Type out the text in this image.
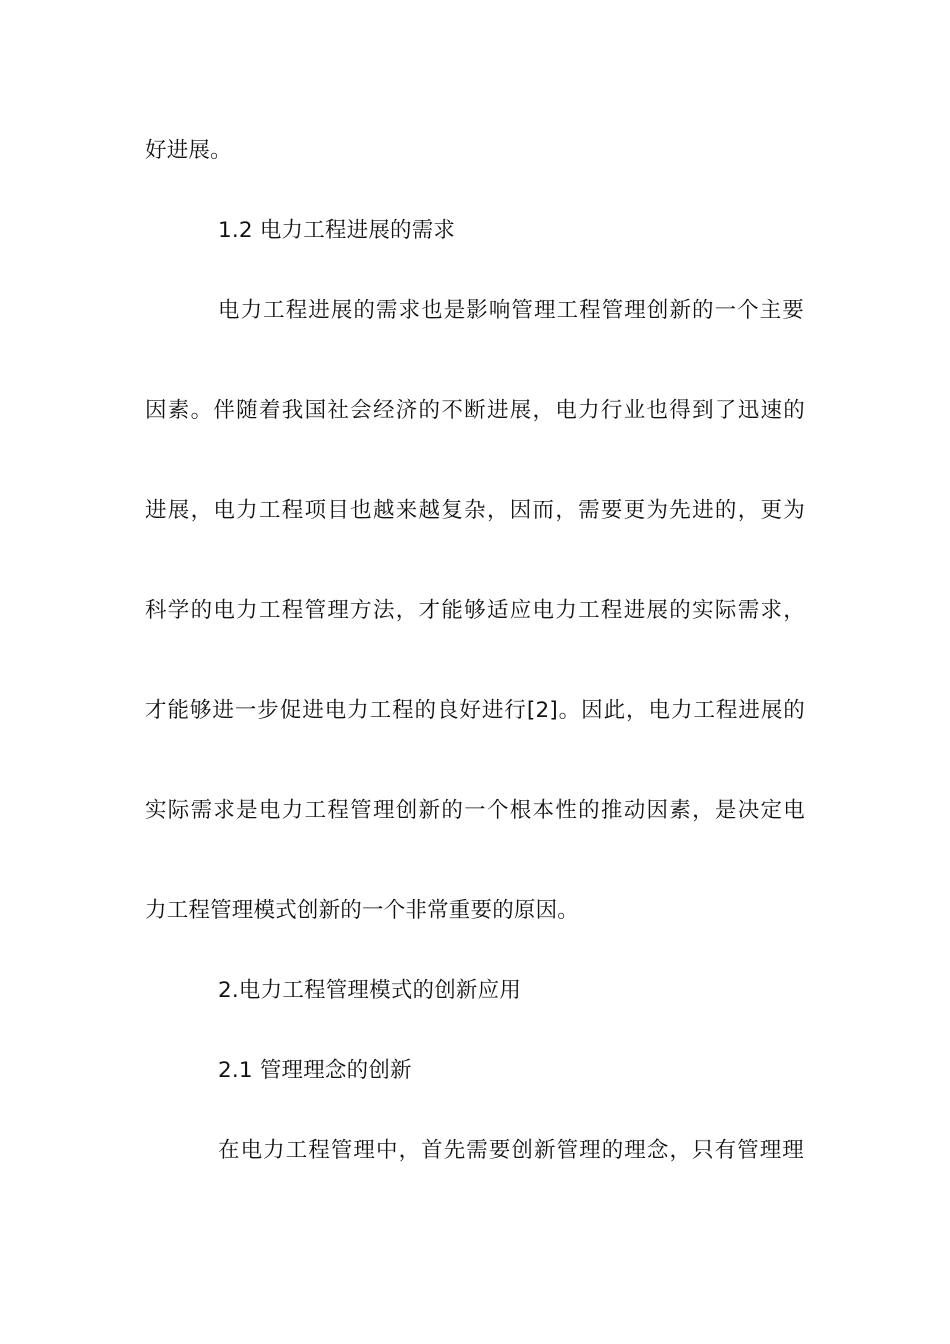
好进展。
1.2 电力工程进展的需求
电力工程进展的需求也是影响管理工程管理创新的一个主要
因素。伴随着我国社会经济的不断进展，电力行业也得到了迅速的
进展，电力工程项目也越来越复杂，因而，需要更为先进的，更为
科学的电力工程管理方法，才能够适应电力工程进展的实际需求，
才能够进一步促进电力工程的良好进行[2]。因此，电力工程进展的
实际需求是电力工程管理创新的一个根本性的推动因素，是决定电
力工程管理模式创新的一个非常重要的原因。
2.电力工程管理模式的创新应用
2.1 管理理念的创新
在电力工程管理中，首先需要创新管理的理念，只有管理理
